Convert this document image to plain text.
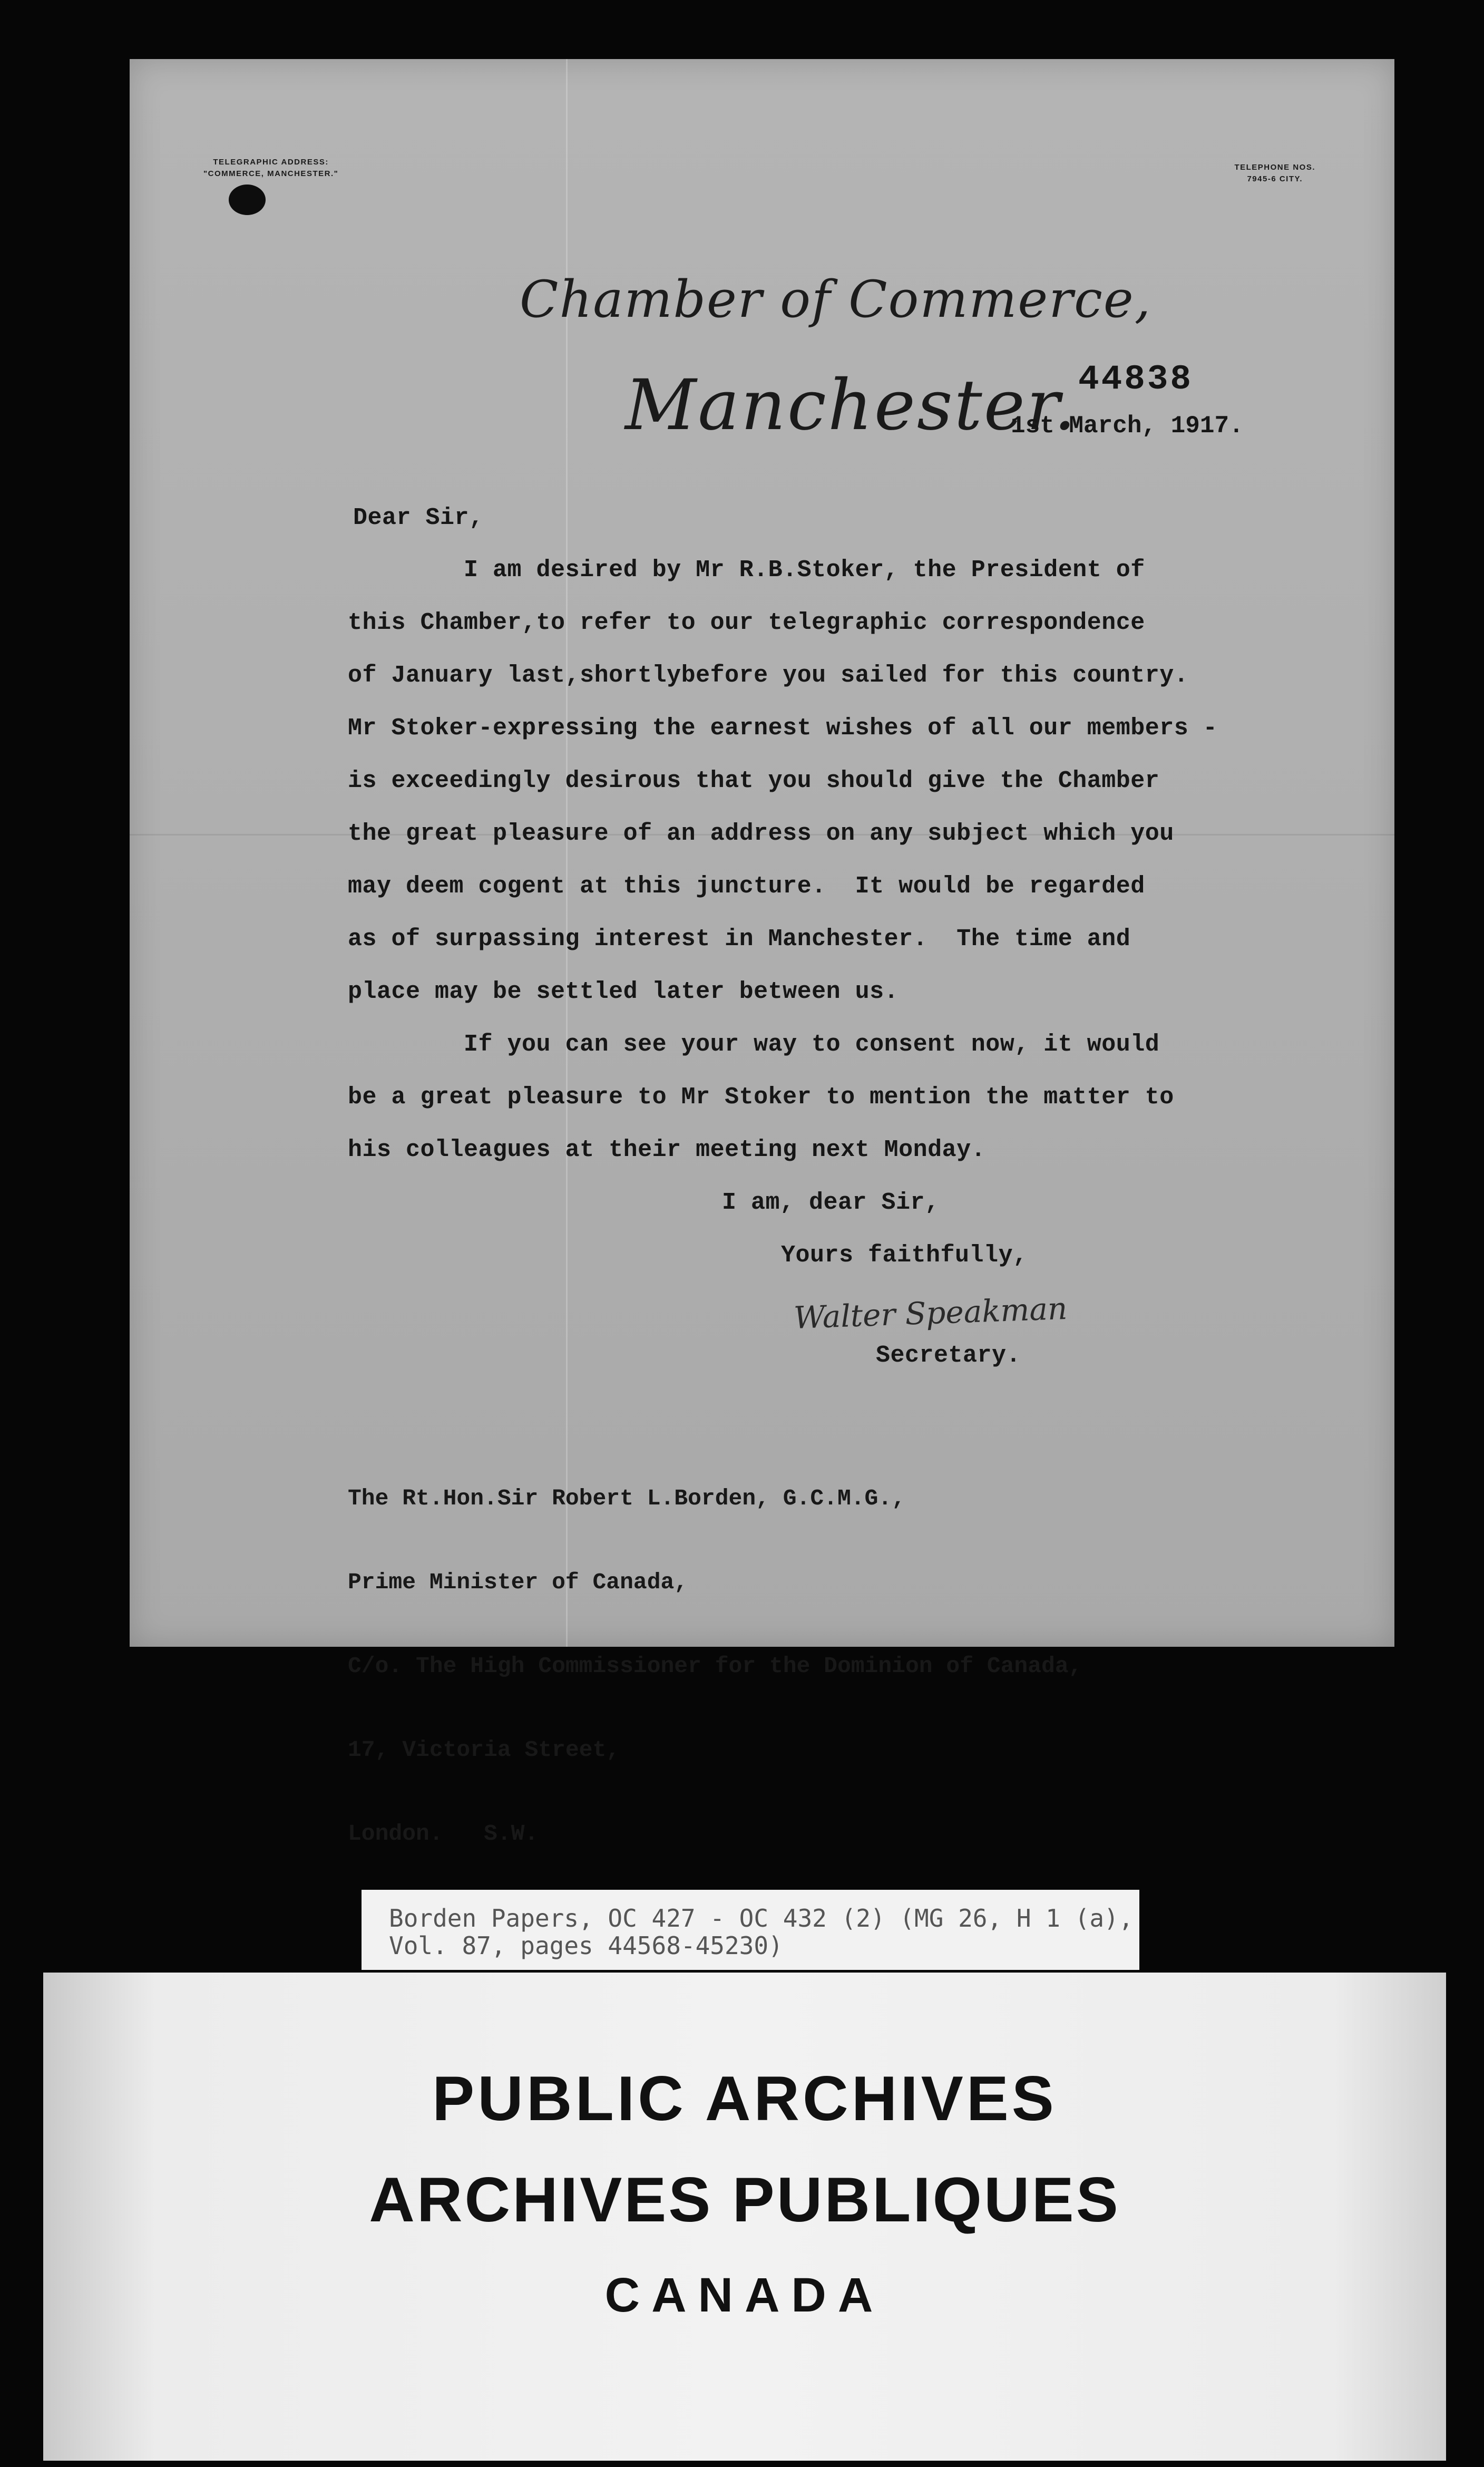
TELEGRAPHIC ADDRESS:
"COMMERCE, MANCHESTER."
TELEPHONE NOS.
7945-6 CITY.
Chamber of Commerce,
Manchester. 44838
1st March, 1917.
Dear Sir,
I am desired by Mr R.B.Stoker, the President of
this Chamber,to refer to our telegraphic correspondence
of January last,shortlybefore you sailed for this country.
Mr Stoker-expressing the earnest wishes of all our members -
is exceedingly desirous that you should give the Chamber
the great pleasure of an address on any subject which you
may deem cogent at this juncture.  It would be regarded
as of surpassing interest in Manchester.  The time and
place may be settled later between us.
If you can see your way to consent now, it would
be a great pleasure to Mr Stoker to mention the matter to
his colleagues at their meeting next Monday.
I am, dear Sir,
Yours faithfully,
Walter Speakman
Secretary.

The Rt.Hon.Sir Robert L.Borden, G.C.M.G.,

Prime Minister of Canada,

C/o. The High Commissioner for the Dominion of Canada,

17, Victoria Street,

London.   S.W.

Borden Papers, OC 427 - OC 432 (2) (MG 26, H 1 (a),
Vol. 87, pages 44568-45230)
PUBLIC ARCHIVES
ARCHIVES PUBLIQUES
CANADA
